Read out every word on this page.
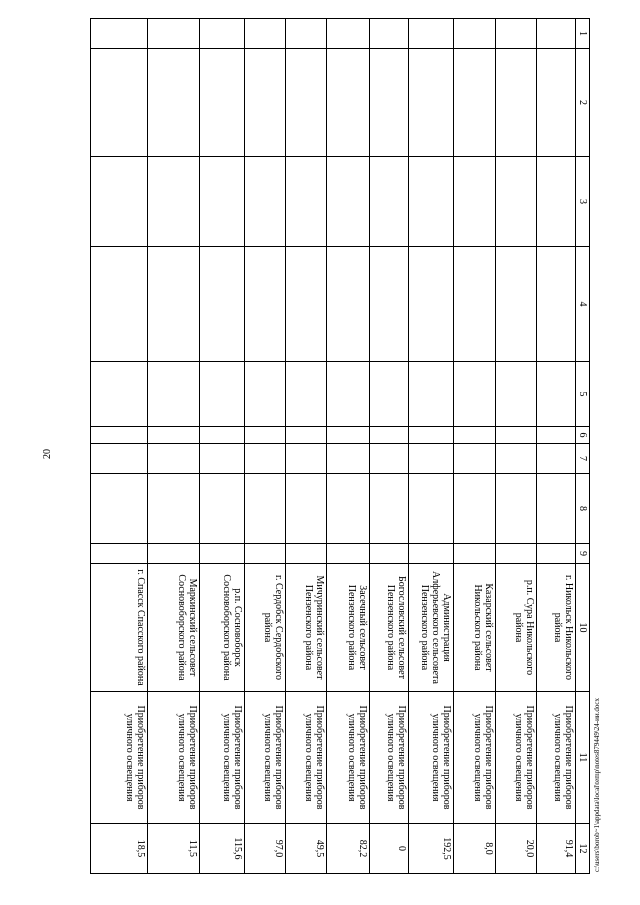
20
c:\users\borob~1\appdata\local\temp\notes879449\24-ии.docx
1	2	3	4	5	6	7	8	9	10	11	12
									г. Никольск Никольского района	Приобретение приборов уличного освещения	91,4
									р.п. Сура Никольского района	Приобретение приборов уличного освещения	20,0
									Казарский сельсовет Никольского района	Приобретение приборов уличного освещения	8,0
									Администрация Алферьевского сельсовета Пензенского района	Приобретение приборов уличного освещения	192,5
									Богословский сельсовет Пензенского района	Приобретение приборов уличного освещения	0
									Засечный сельсовет Пензенского района	Приобретение приборов уличного освещения	82,2
									Мичуринский сельсовет Пензенского района	Приобретение приборов уличного освещения	49,5
									г. Сердобск Сердобского района	Приобретение приборов уличного освещения	97,0
									р.п. Сосновоборск Сосновоборского района	Приобретение приборов уличного освещения	115,6
									Маркинский сельсовет Сосновоборского района	Приобретение приборов уличного освещения	11,5
									г. Спасск Спасского района	Приобретение приборов уличного освещения	18,5
